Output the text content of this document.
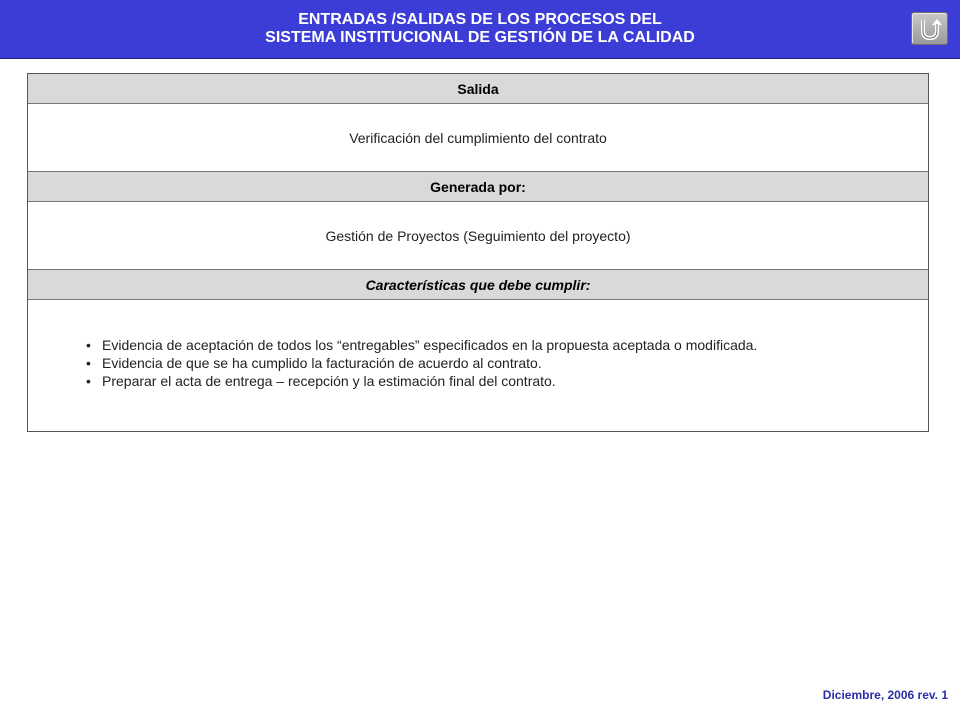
ENTRADAS /SALIDAS DE LOS PROCESOS DEL
SISTEMA INSTITUCIONAL DE GESTIÓN DE LA CALIDAD
Salida
Verificación del cumplimiento del contrato
Generada por:
Gestión de Proyectos (Seguimiento del proyecto)
Características que debe cumplir:
• Evidencia de aceptación de todos los “entregables” especificados en la propuesta aceptada o modificada.
• Evidencia de que se ha cumplido la facturación de acuerdo al contrato.
• Preparar el acta de entrega – recepción y la estimación final del contrato.
Diciembre, 2006 rev. 1
